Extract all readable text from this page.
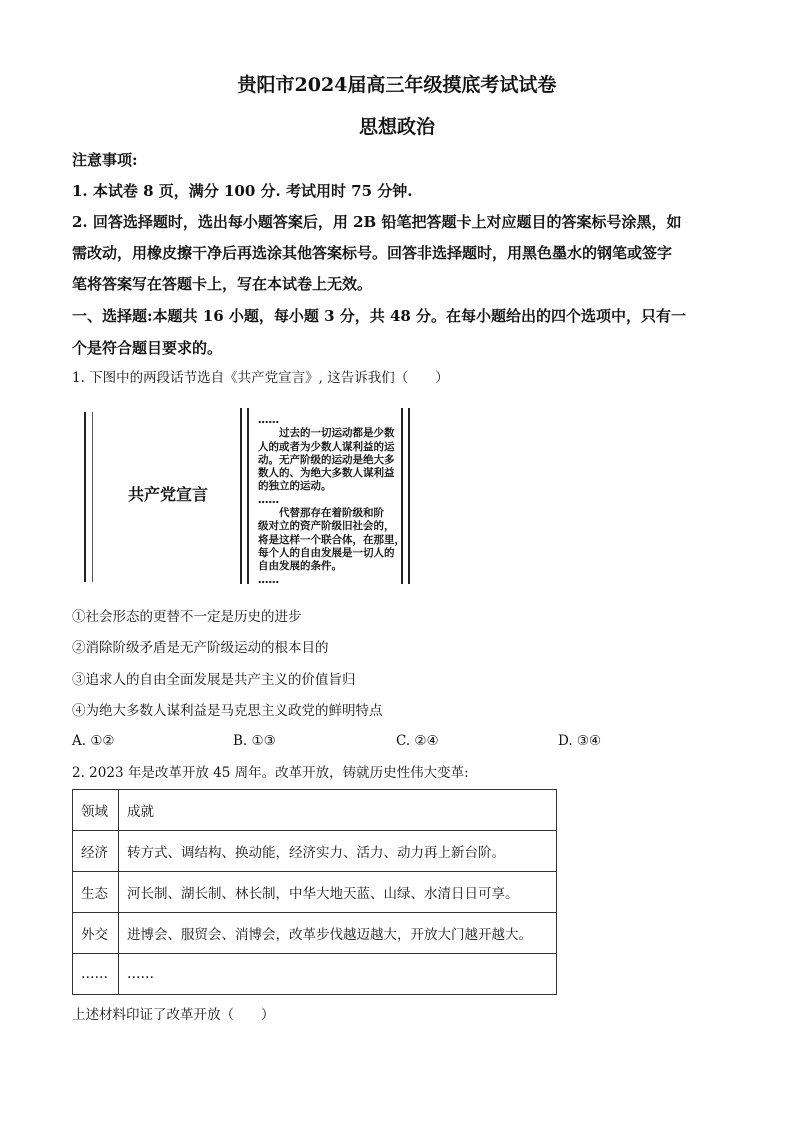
贵阳市2024届高三年级摸底考试试卷
思想政治
注意事项:
1. 本试卷 8 页，满分 100 分. 考试用时 75 分钟.
2. 回答选择题时，选出每小题答案后，用 2B 铅笔把答题卡上对应题目的答案标号涂黑，如
需改动，用橡皮擦干净后再选涂其他答案标号。回答非选择题时，用黑色墨水的钢笔或签字
笔将答案写在答题卡上，写在本试卷上无效。
一、选择题:本题共 16 小题，每小题 3 分，共 48 分。在每小题给出的四个选项中，只有一
个是符合题目要求的。
1. 下图中的两段话节选自《共产党宣言》, 这告诉我们（　　）
共产党宣言
……
　　过去的一切运动都是少数
人的或者为少数人谋利益的运
动。无产阶级的运动是绝大多
数人的、为绝大多数人谋利益
的独立的运动。
……
　　代替那存在着阶级和阶
级对立的资产阶级旧社会的，
将是这样一个联合体，在那里，
每个人的自由发展是一切人的
自由发展的条件。
……
①社会形态的更替不一定是历史的进步
②消除阶级矛盾是无产阶级运动的根本目的
③追求人的自由全面发展是共产主义的价值旨归
④为绝大多数人谋利益是马克思主义政党的鲜明特点
A. ①②	B. ①③	C. ②④	D. ③④
2. 2023 年是改革开放 45 周年。改革开放，铸就历史性伟大变革:
领域	成就
经济	转方式、调结构、换动能，经济实力、活力、动力再上新台阶。
生态	河长制、湖长制、林长制，中华大地天蓝、山绿、水清日日可享。
外交	进博会、服贸会、消博会，改革步伐越迈越大，开放大门越开越大。
……	……
上述材料印证了改革开放（　　）
